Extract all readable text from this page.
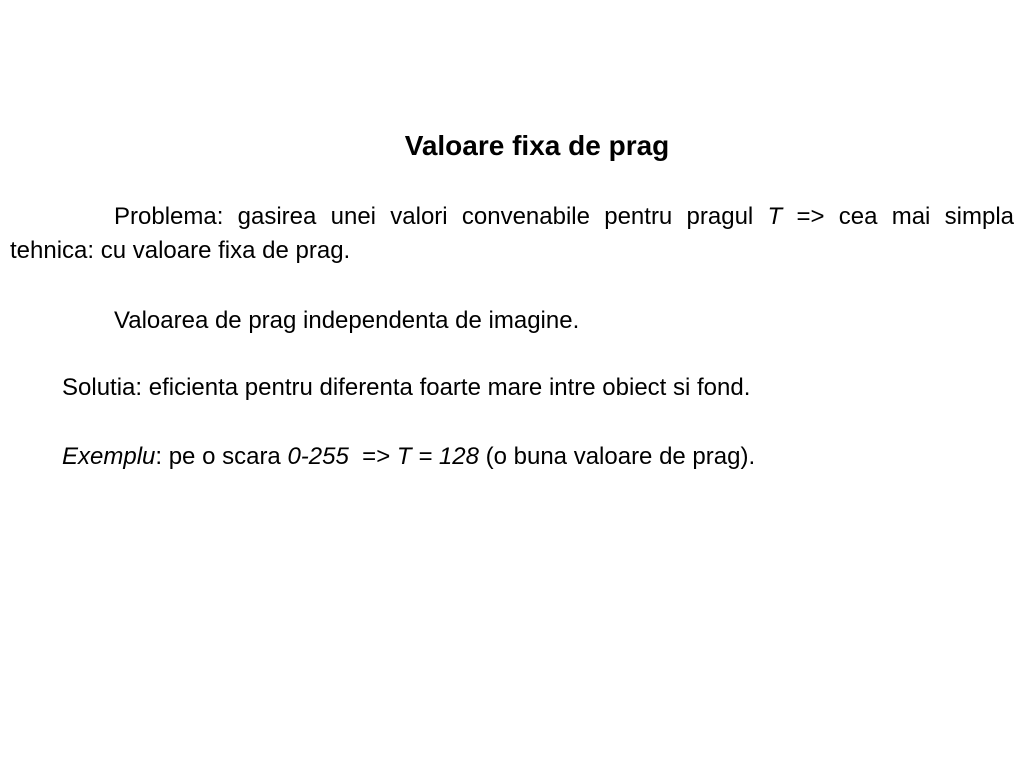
Valoare fixa de prag
Problema: gasirea unei valori convenabile pentru pragul T => cea mai simpla tehnica: cu valoare fixa de prag.
Valoarea de prag independenta de imagine.
Solutia: eficienta pentru diferenta foarte mare intre obiect si fond.
Exemplu: pe o scara 0-255  => T = 128 (o buna valoare de prag).
